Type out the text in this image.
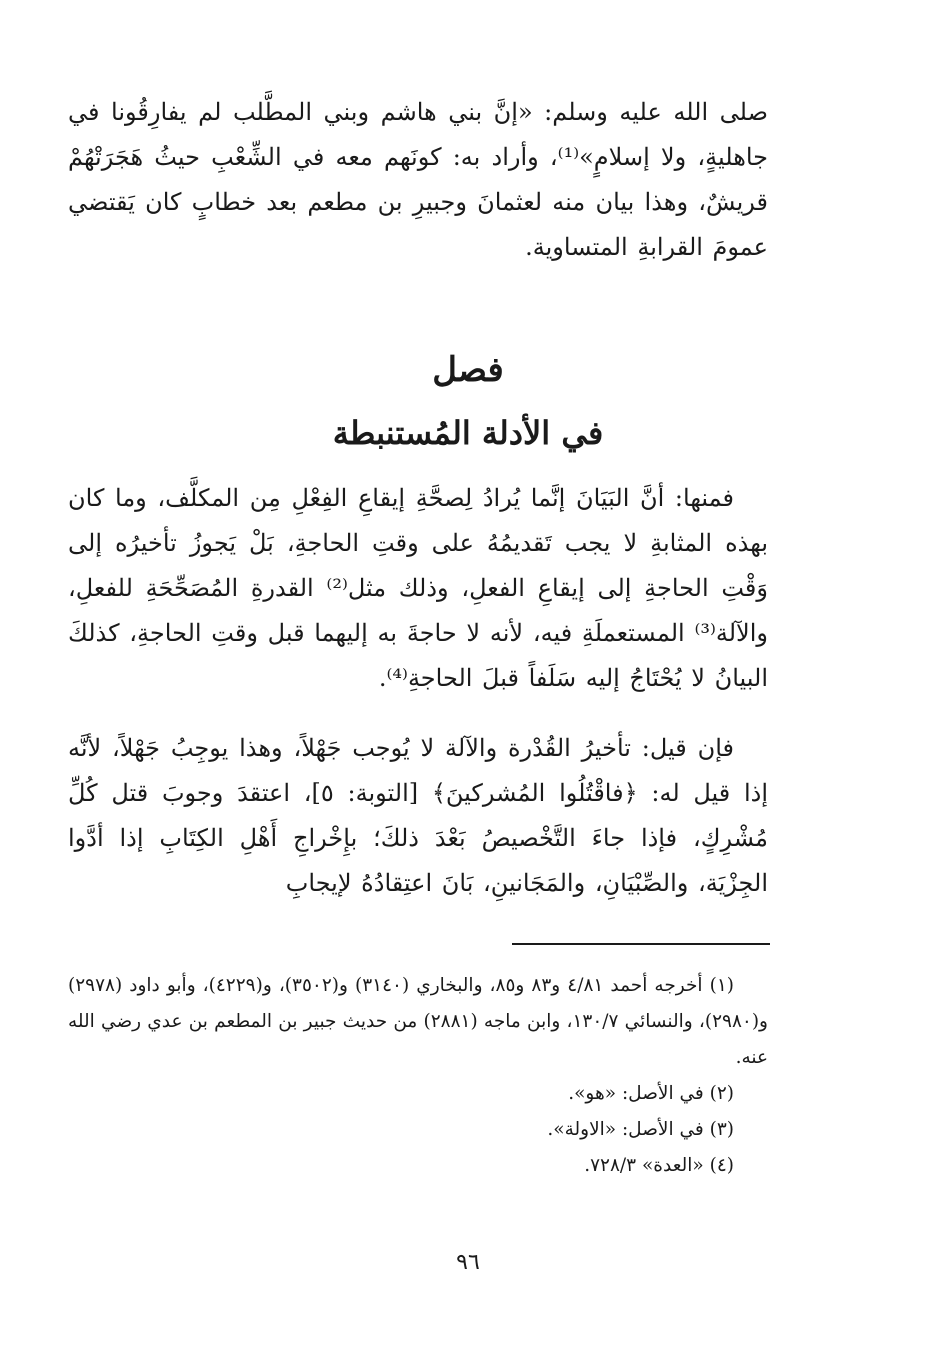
صلى الله عليه وسلم: «إنَّ بني هاشم وبني المطَّلب لم يفارِقُونا في جاهليةٍ، ولا إسلامٍ»⁽¹⁾، وأراد به: كونَهم معه في الشِّعْبِ حيثُ هَجَرَتْهُمْ قريشٌ، وهذا بيان منه لعثمانَ وجبيرِ بن مطعم بعد خطابٍ كان يَقتضي عمومَ القرابةِ المتساوية.

فصل
في الأدلة المُستنبطة

فمنها: أنَّ البَيَانَ إنَّما يُرادُ لِصحَّةِ إيقاعِ الفِعْلِ مِن المكلَّف، وما كان بهذه المثابةِ لا يجب تَقديمُهُ على وقتِ الحاجةِ، بَلْ يَجوزُ تأخيرُه إلى وَقْتِ الحاجةِ إلى إيقاعِ الفعلِ، وذلك مثل⁽²⁾ القدرةِ المُصَحِّحَةِ للفعلِ، والآلة⁽³⁾ المستعملَةِ فيه، لأنه لا حاجةَ به إليهما قبل وقتِ الحاجةِ، كذلكَ البيانُ لا يُحْتَاجُ إليه سَلَفاً قبلَ الحاجةِ⁽⁴⁾.

فإن قيل: تأخيرُ القُدْرة والآلة لا يُوجب جَهْلاً، وهذا يوجِبُ جَهْلاً، لأنَّه إذا قيل له: ﴿فاقْتُلُوا المُشركينَ﴾ [التوبة: ٥]، اعتقدَ وجوبَ قتل كُلِّ مُشْرِكٍ، فإذا جاءَ التَّخْصيصُ بَعْدَ ذلكَ؛ بإِخْراجِ أَهْلِ الكِتَابِ إذا أدَّوا الجِزْيَة، والصِّبْيَانِ، والمَجَانينِ، بَانَ اعتِقادُهُ لإيجابِ

(١) أخرجه أحمد ٤/٨١ و٨٣ و٨٥، والبخاري (٣١٤٠) و(٣٥٠٢)، و(٤٢٢٩)، وأبو داود (٢٩٧٨) و(٢٩٨٠)، والنسائي ١٣٠/٧، وابن ماجه (٢٨٨١) من حديث جبير بن المطعم بن عدي رضي الله عنه.

(٢) في الأصل: «هو».

(٣) في الأصل: «الاولة».

(٤) «العدة» ٧٢٨/٣.

٩٦
